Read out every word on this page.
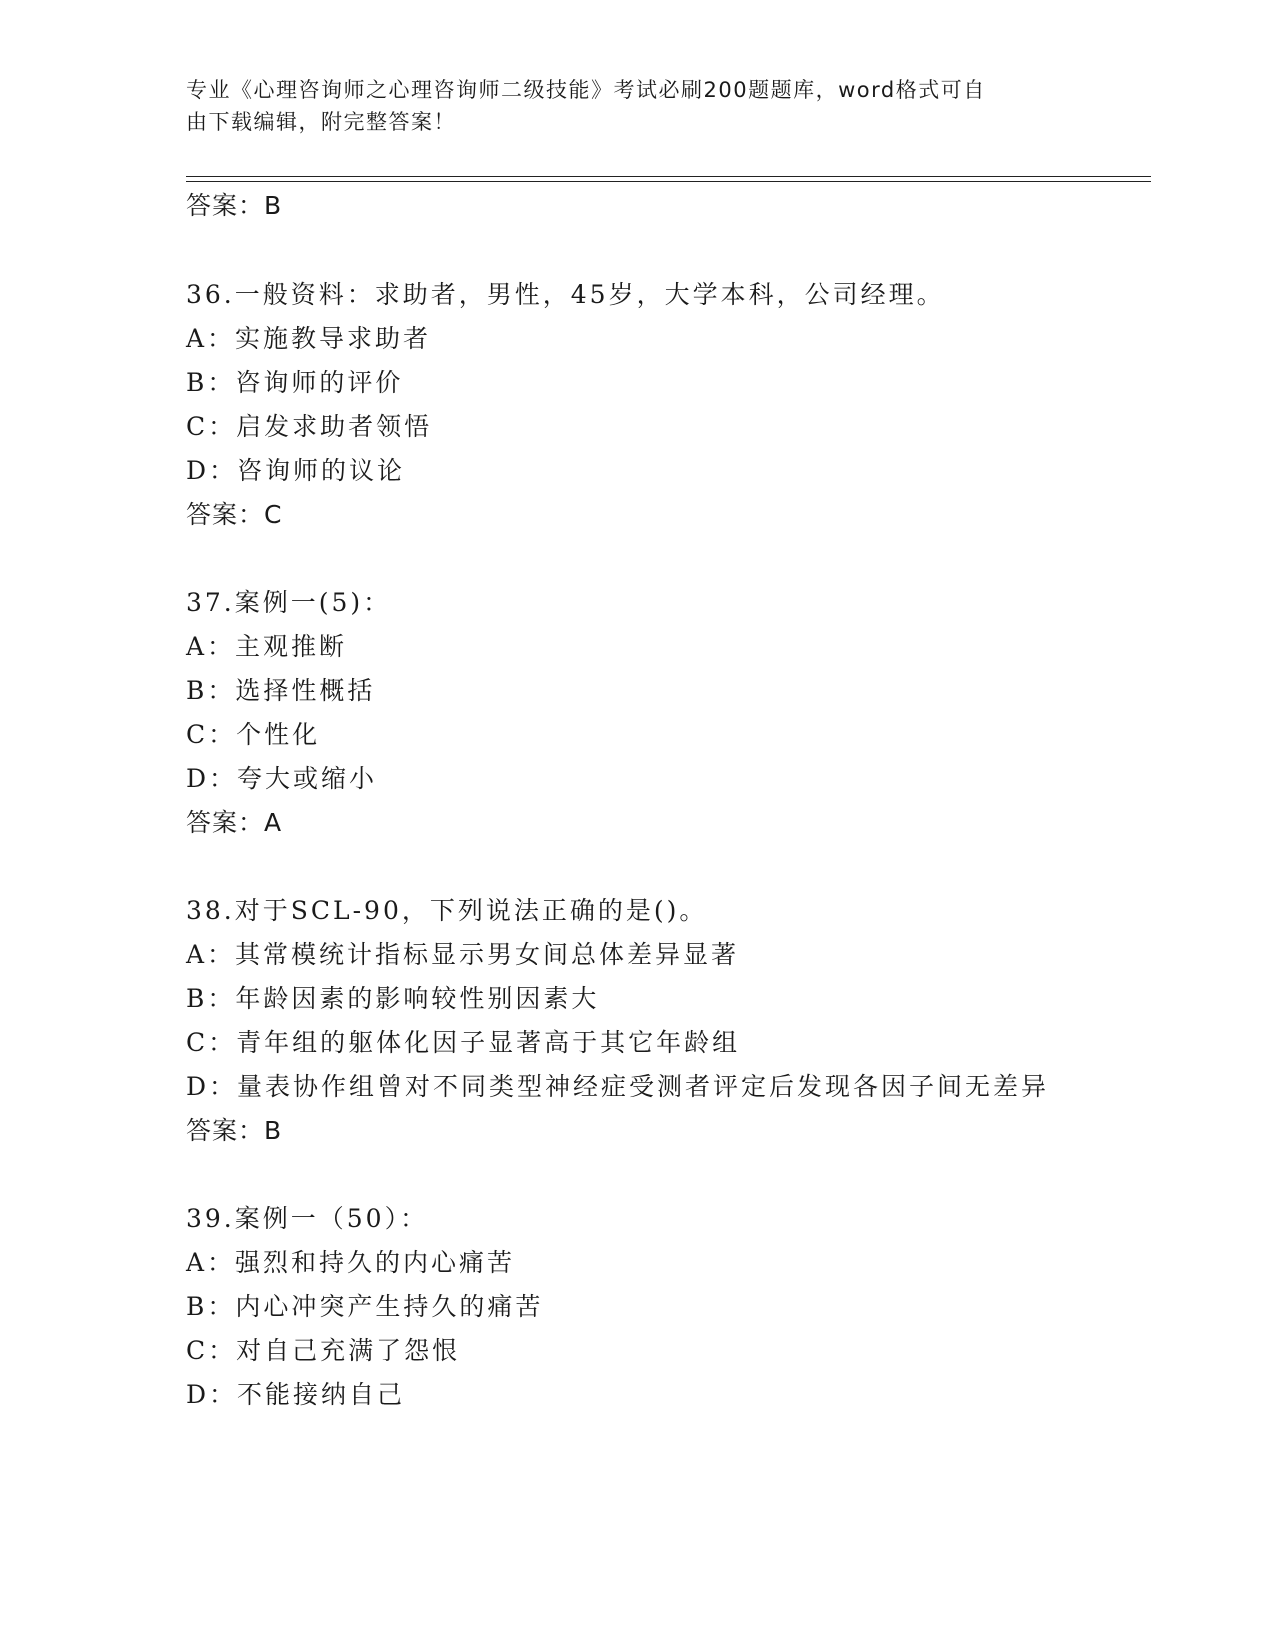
专业《心理咨询师之心理咨询师二级技能》考试必刷200题题库，word格式可自
由下载编辑，附完整答案！
答案：B
36.一般资料：求助者，男性，45岁，大学本科，公司经理。
A：实施教导求助者
B：咨询师的评价
C：启发求助者领悟
D：咨询师的议论
答案：C
37.案例一(5)：
A：主观推断
B：选择性概括
C：个性化
D：夸大或缩小
答案：A
38.对于SCL-90，下列说法正确的是()。
A：其常模统计指标显示男女间总体差异显著
B：年龄因素的影响较性别因素大
C：青年组的躯体化因子显著高于其它年龄组
D：量表协作组曾对不同类型神经症受测者评定后发现各因子间无差异
答案：B
39.案例一（50）：
A：强烈和持久的内心痛苦
B：内心冲突产生持久的痛苦
C：对自己充满了怨恨
D：不能接纳自己
